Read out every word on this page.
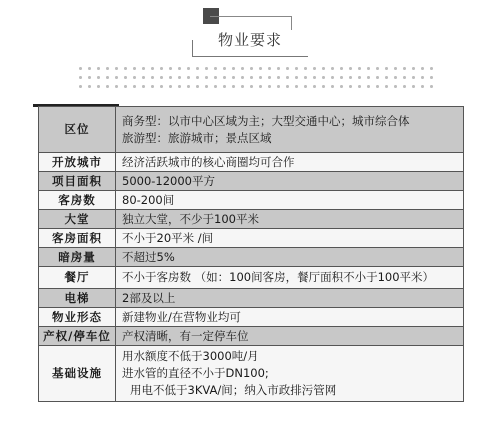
物业要求
区位	商务型：以市中心区域为主；大型交通中心；城市综合体
旅游型：旅游城市；景点区域

开放城市	经济活跃城市的核心商圈均可合作

项目面积	5000-12000平方

客房数	80-200间

大堂	独立大堂，不少于100平米

客房面积	不小于20平米 /间

暗房量	不超过5%

餐厅	不小于客房数 （如：100间客房，餐厅面积不小于100平米）

电梯	2部及以上

物业形态	新建物业/在营物业均可

产权/停车位	产权清晰，有一定停车位

基础设施	用水额度不低于3000吨/月
进水管的直径不小于DN100;
用电不低于3KVA/间；纳入市政排污管网
